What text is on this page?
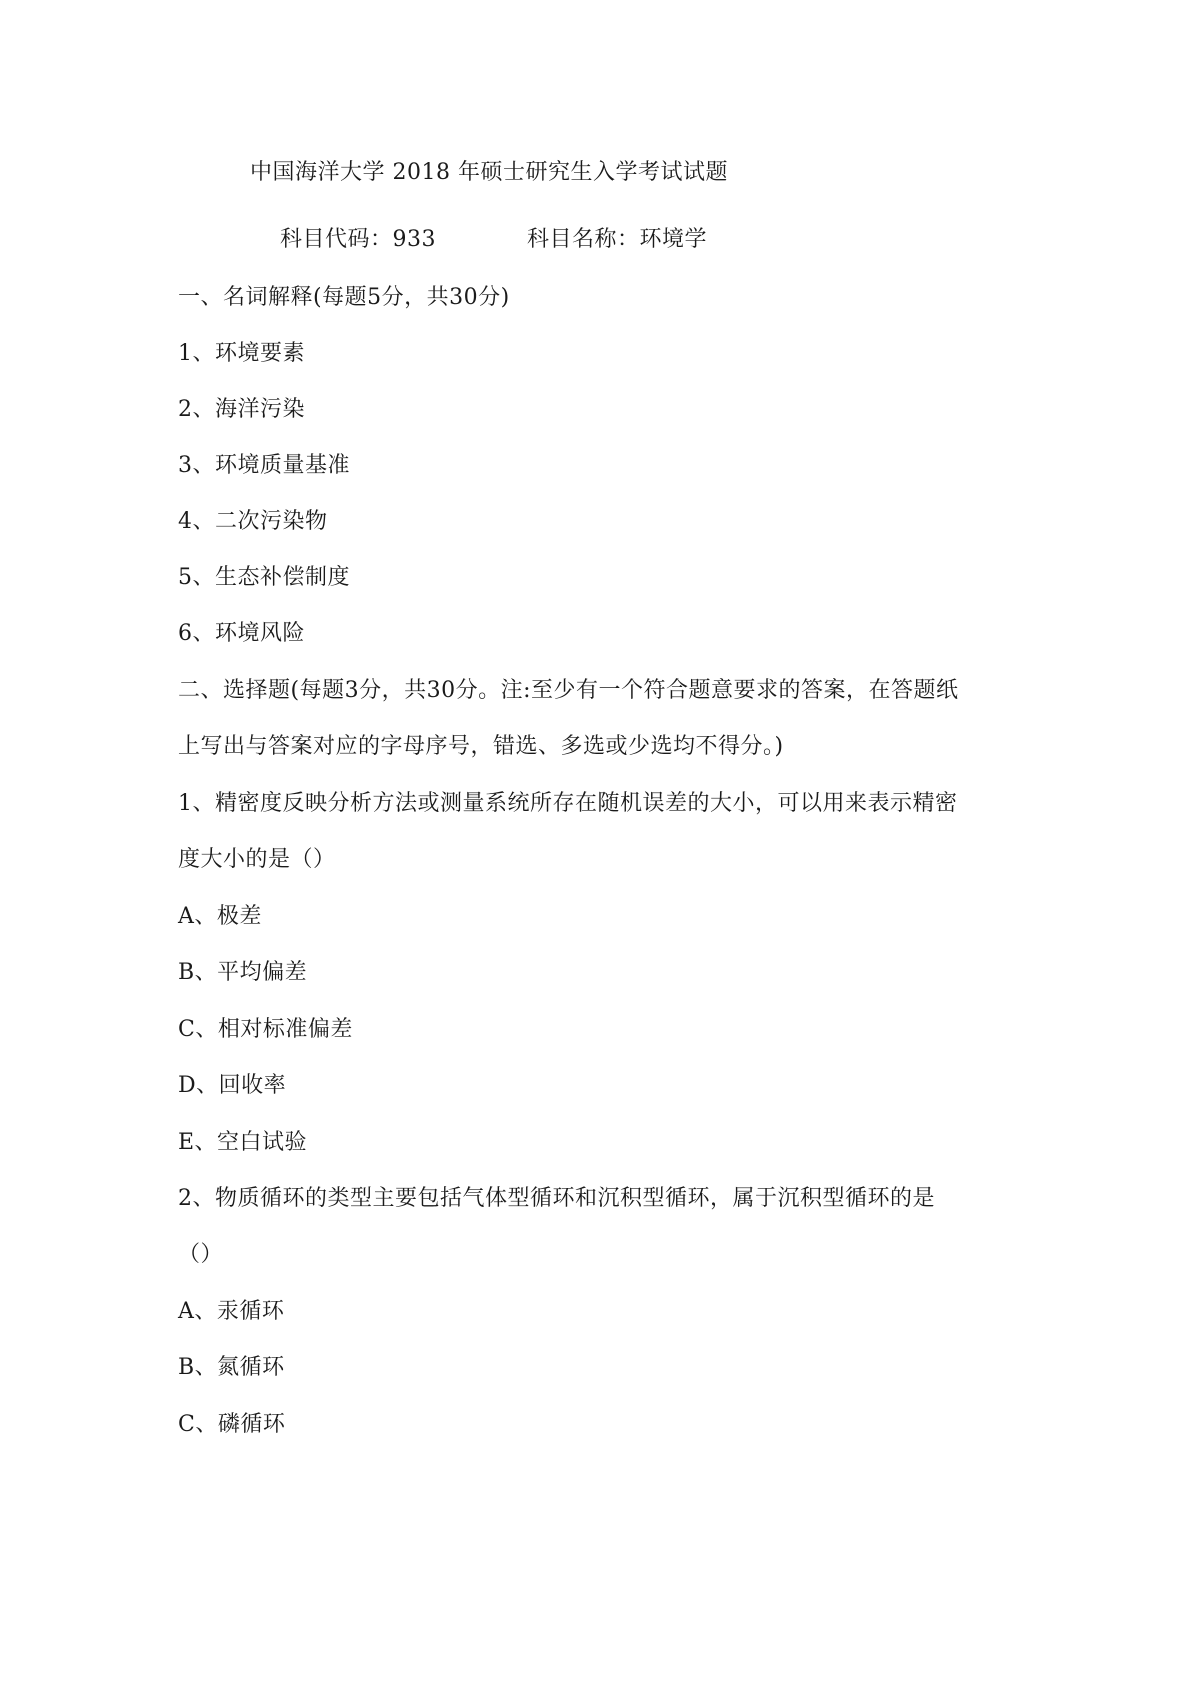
中国海洋大学 2018 年硕士研究生入学考试试题
科目代码：933	科目名称：环境学
一、名词解释(每题5分，共30分)
1、环境要素
2、海洋污染
3、环境质量基准
4、二次污染物
5、生态补偿制度
6、环境风险
二、选择题(每题3分，共30分。注:至少有一个符合题意要求的答案，在答题纸
上写出与答案对应的字母序号，错选、多选或少选均不得分。)
1、精密度反映分析方法或测量系统所存在随机误差的大小，可以用来表示精密
度大小的是（）
A、极差
B、平均偏差
C、相对标准偏差
D、回收率
E、空白试验
2、物质循环的类型主要包括气体型循环和沉积型循环，属于沉积型循环的是
（）
A、汞循环
B、氮循环
C、磷循环
